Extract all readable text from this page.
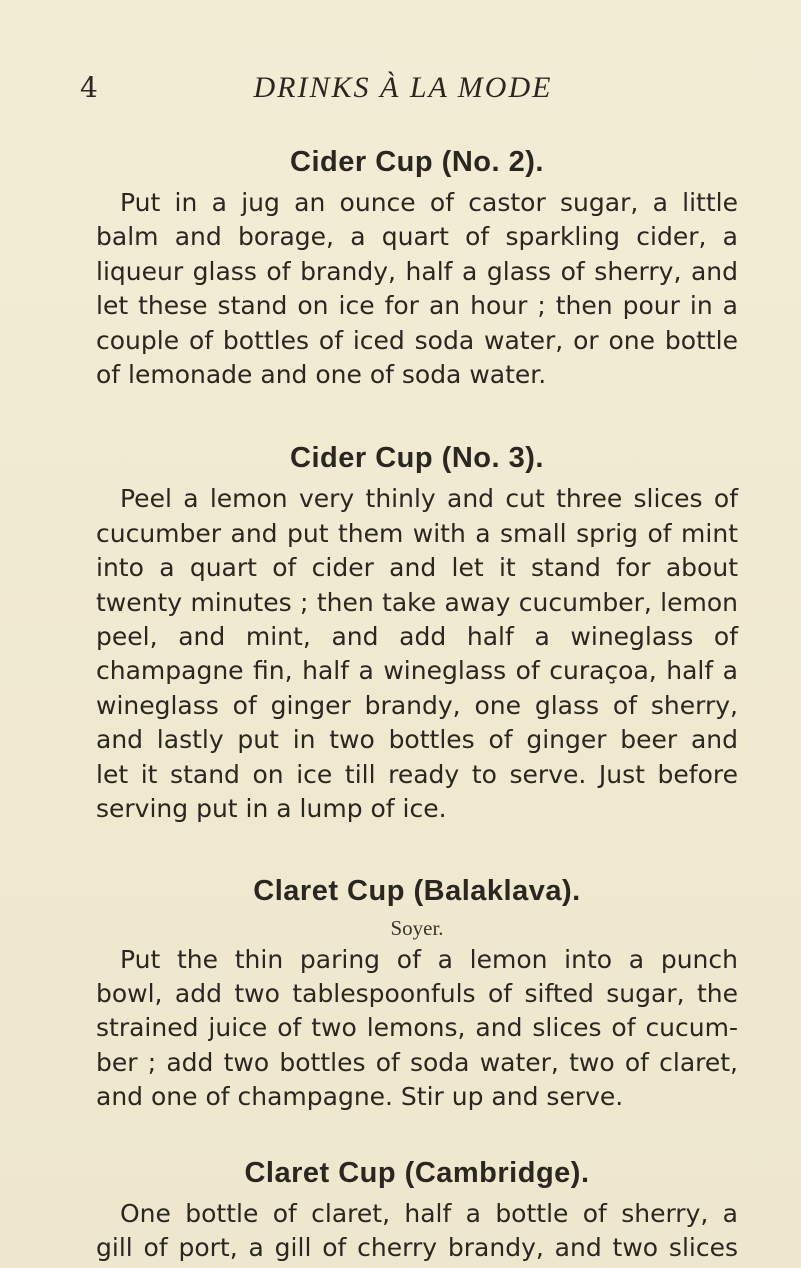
4	DRINKS À LA MODE
Cider Cup (No. 2).
Put in a jug an ounce of castor sugar, a little
balm and borage, a quart of sparkling cider, a
liqueur glass of brandy, half a glass of sherry, and
let these stand on ice for an hour ; then pour in a
couple of bottles of iced soda water, or one bottle
of lemonade and one of soda water.
Cider Cup (No. 3).
Peel a lemon very thinly and cut three slices of
cucumber and put them with a small sprig of mint
into a quart of cider and let it stand for about
twenty minutes ; then take away cucumber, lemon
peel, and mint, and add half a wineglass of
champagne fin, half a wineglass of curaçoa, half a
wineglass of ginger brandy, one glass of sherry,
and lastly put in two bottles of ginger beer and
let it stand on ice till ready to serve. Just before
serving put in a lump of ice.
Claret Cup (Balaklava).
Soyer.
Put the thin paring of a lemon into a punch
bowl, add two tablespoonfuls of sifted sugar, the
strained juice of two lemons, and slices of cucum-
ber ; add two bottles of soda water, two of claret,
and one of champagne. Stir up and serve.
Claret Cup (Cambridge).
One bottle of claret, half a bottle of sherry, a
gill of port, a gill of cherry brandy, and two slices
